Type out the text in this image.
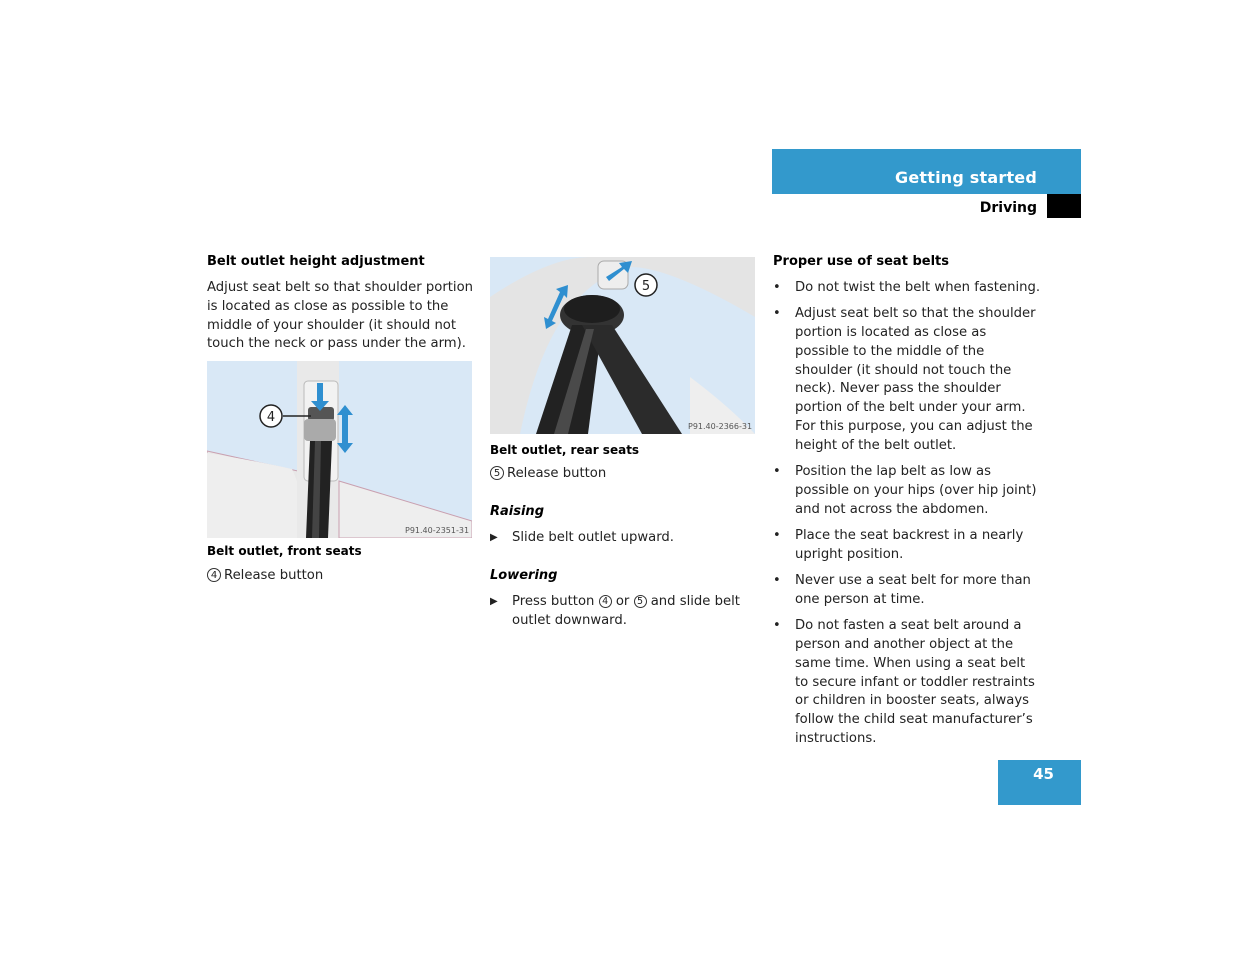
Getting started
Driving
Belt outlet height adjustment
Adjust seat belt so that shoulder portion is located as close as possible to the middle of your shoulder (it should not touch the neck or pass under the arm).
4
P91.40-2351-31
Belt outlet, front seats
4 Release button
5
P91.40-2366-31
Belt outlet, rear seats
5 Release button
Raising
▶	Slide belt outlet upward.
Lowering
▶	Press button 4 or 5 and slide belt outlet downward.
Proper use of seat belts
•	Do not twist the belt when fastening.
•	Adjust seat belt so that the shoulder portion is located as close as possible to the middle of the shoulder (it should not touch the neck). Never pass the shoulder portion of the belt under your arm. For this purpose, you can adjust the height of the belt outlet.
•	Position the lap belt as low as possible on your hips (over hip joint) and not across the abdomen.
•	Place the seat backrest in a nearly upright position.
•	Never use a seat belt for more than one person at time.
•	Do not fasten a seat belt around a person and another object at the same time. When using a seat belt to secure infant or toddler restraints or children in booster seats, always follow the child seat manufacturer’s instructions.
45
